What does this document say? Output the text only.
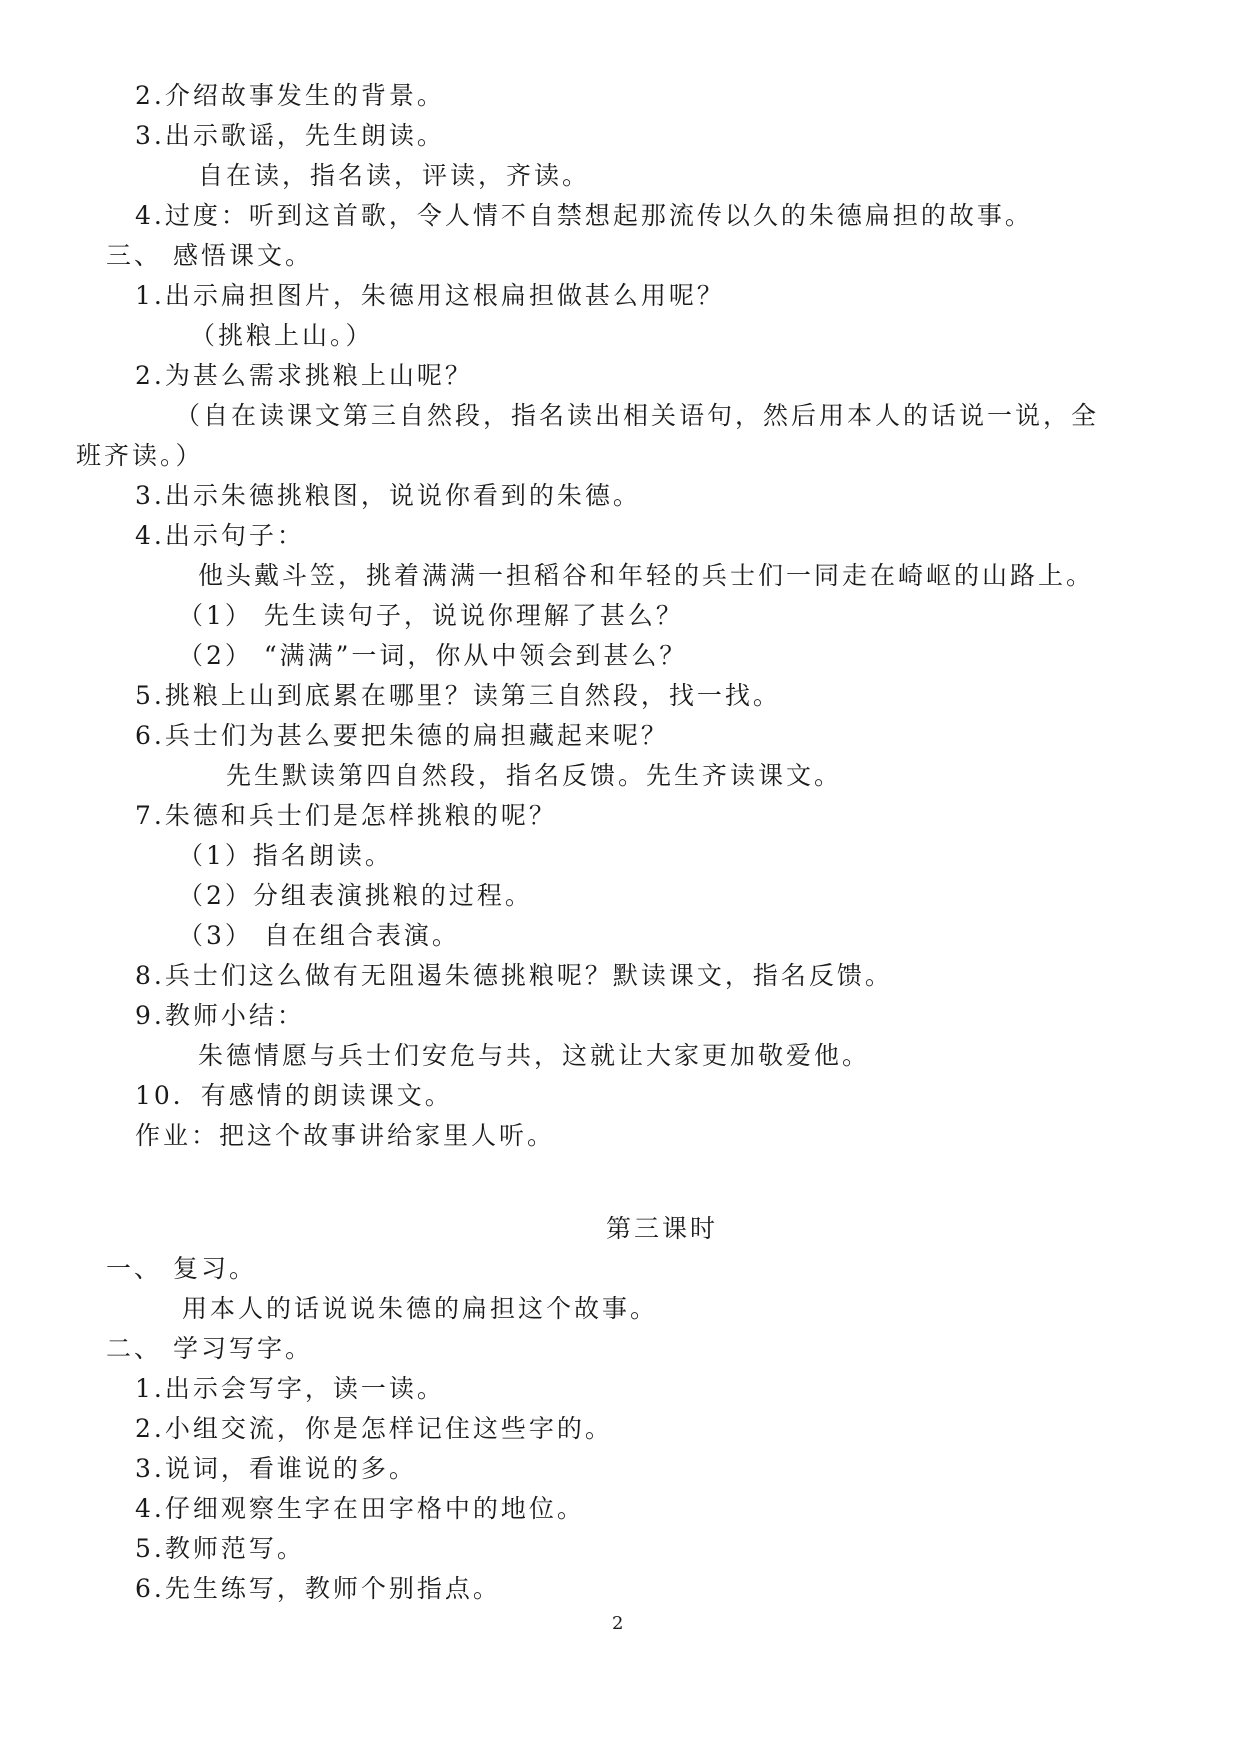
2.介绍故事发生的背景。
3.出示歌谣，先生朗读。
自在读，指名读，评读，齐读。
4.过度：听到这首歌，令人情不自禁想起那流传以久的朱德扁担的故事。
三、 感悟课文。
1.出示扁担图片，朱德用这根扁担做甚么用呢？
（挑粮上山。）
2.为甚么需求挑粮上山呢？
（自在读课文第三自然段，指名读出相关语句，然后用本人的话说一说，全
班齐读。）
3.出示朱德挑粮图，说说你看到的朱德。
4.出示句子：
他头戴斗笠，挑着满满一担稻谷和年轻的兵士们一同走在崎岖的山路上。
（1） 先生读句子，说说你理解了甚么？
（2） “满满”一词，你从中领会到甚么？
5.挑粮上山到底累在哪里？读第三自然段，找一找。
6.兵士们为甚么要把朱德的扁担藏起来呢？
先生默读第四自然段，指名反馈。先生齐读课文。
7.朱德和兵士们是怎样挑粮的呢？
（1）指名朗读。
（2）分组表演挑粮的过程。
（3） 自在组合表演。
8.兵士们这么做有无阻遏朱德挑粮呢？默读课文，指名反馈。
9.教师小结：
朱德情愿与兵士们安危与共，这就让大家更加敬爱他。
10．有感情的朗读课文。
作业：把这个故事讲给家里人听。
第三课时
一、 复习。
用本人的话说说朱德的扁担这个故事。
二、 学习写字。
1.出示会写字，读一读。
2.小组交流，你是怎样记住这些字的。
3.说词，看谁说的多。
4.仔细观察生字在田字格中的地位。
5.教师范写。
6.先生练写，教师个别指点。
2
